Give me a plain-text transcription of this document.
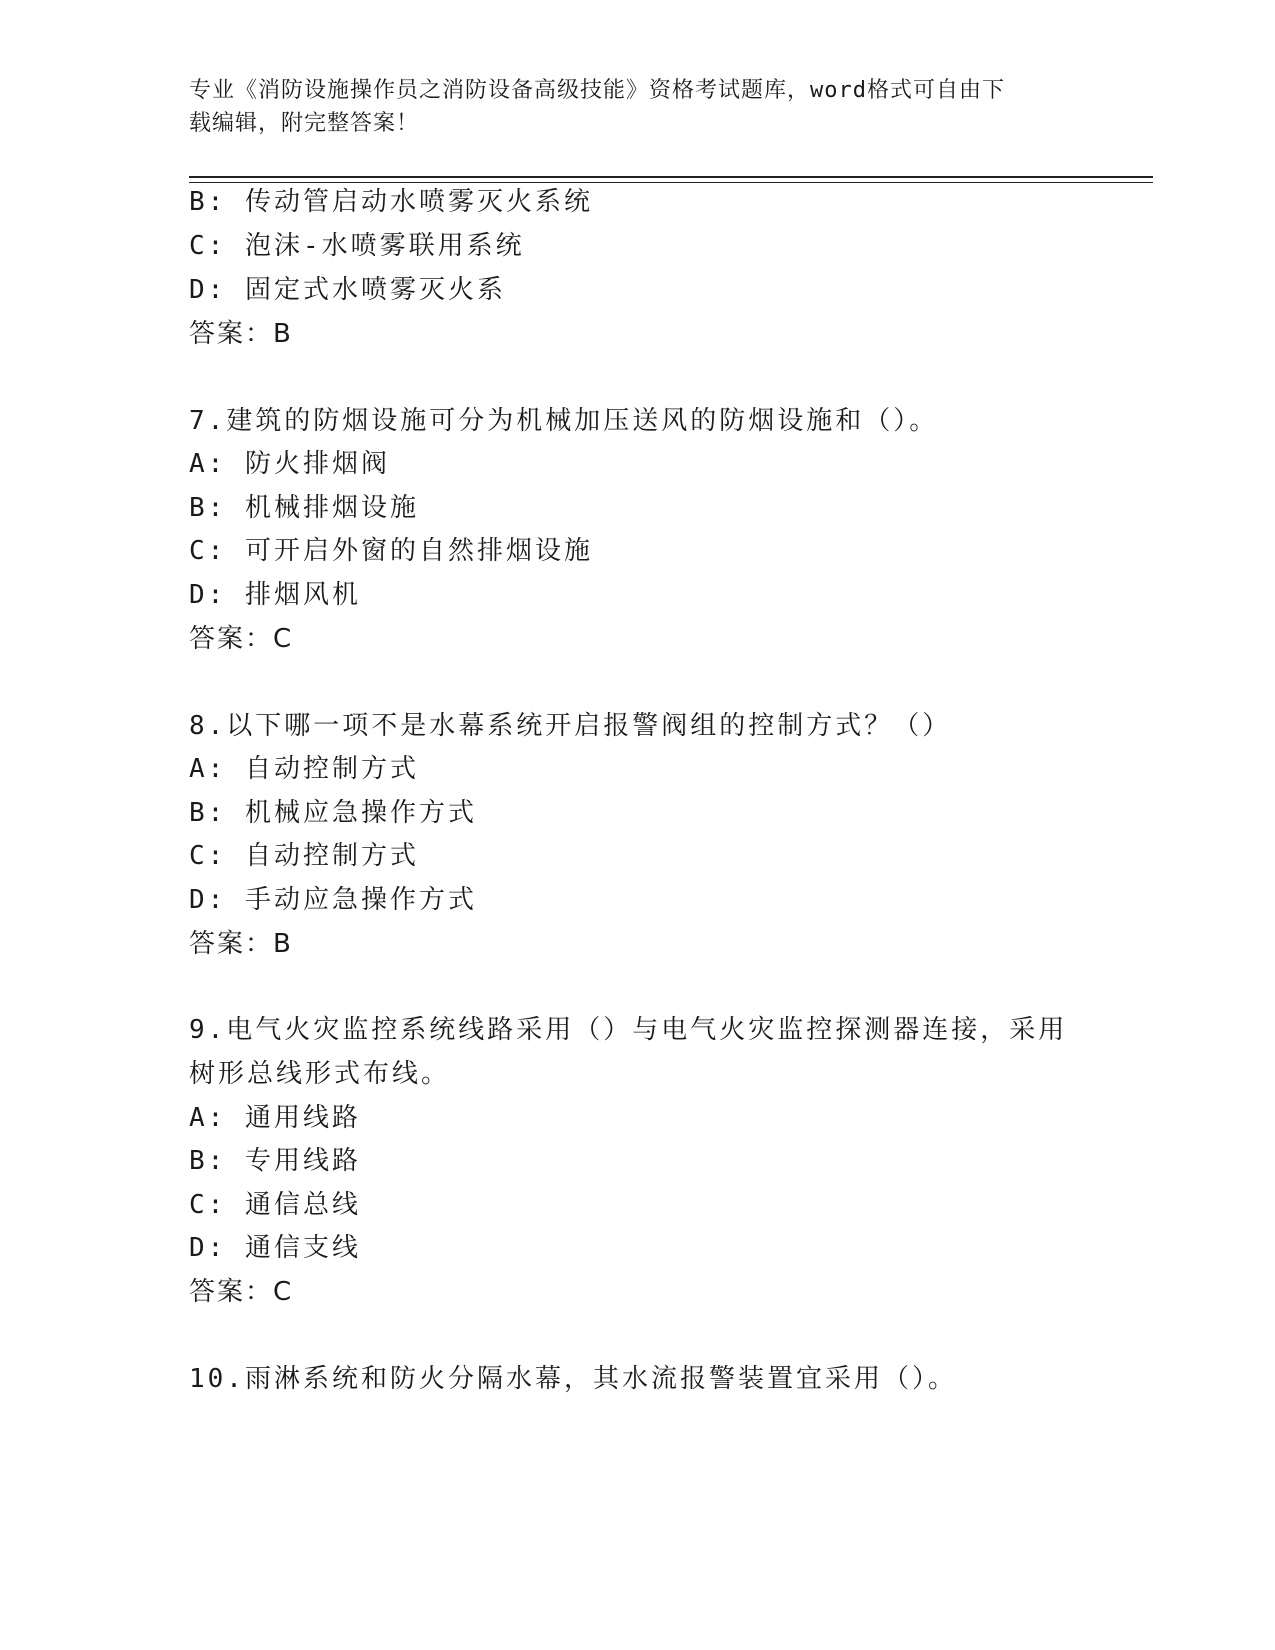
专业《消防设施操作员之消防设备高级技能》资格考试题库，word格式可自由下
载编辑，附完整答案！
B: 传动管启动水喷雾灭火系统
C: 泡沫-水喷雾联用系统
D: 固定式水喷雾灭火系
答案：B
7.建筑的防烟设施可分为机械加压送风的防烟设施和（）。
A: 防火排烟阀
B: 机械排烟设施
C: 可开启外窗的自然排烟设施
D: 排烟风机
答案：C
8.以下哪一项不是水幕系统开启报警阀组的控制方式？（）
A: 自动控制方式
B: 机械应急操作方式
C: 自动控制方式
D: 手动应急操作方式
答案：B
9.电气火灾监控系统线路采用（）与电气火灾监控探测器连接，采用
树形总线形式布线。
A: 通用线路
B: 专用线路
C: 通信总线
D: 通信支线
答案：C
10.雨淋系统和防火分隔水幕，其水流报警装置宜采用（）。
